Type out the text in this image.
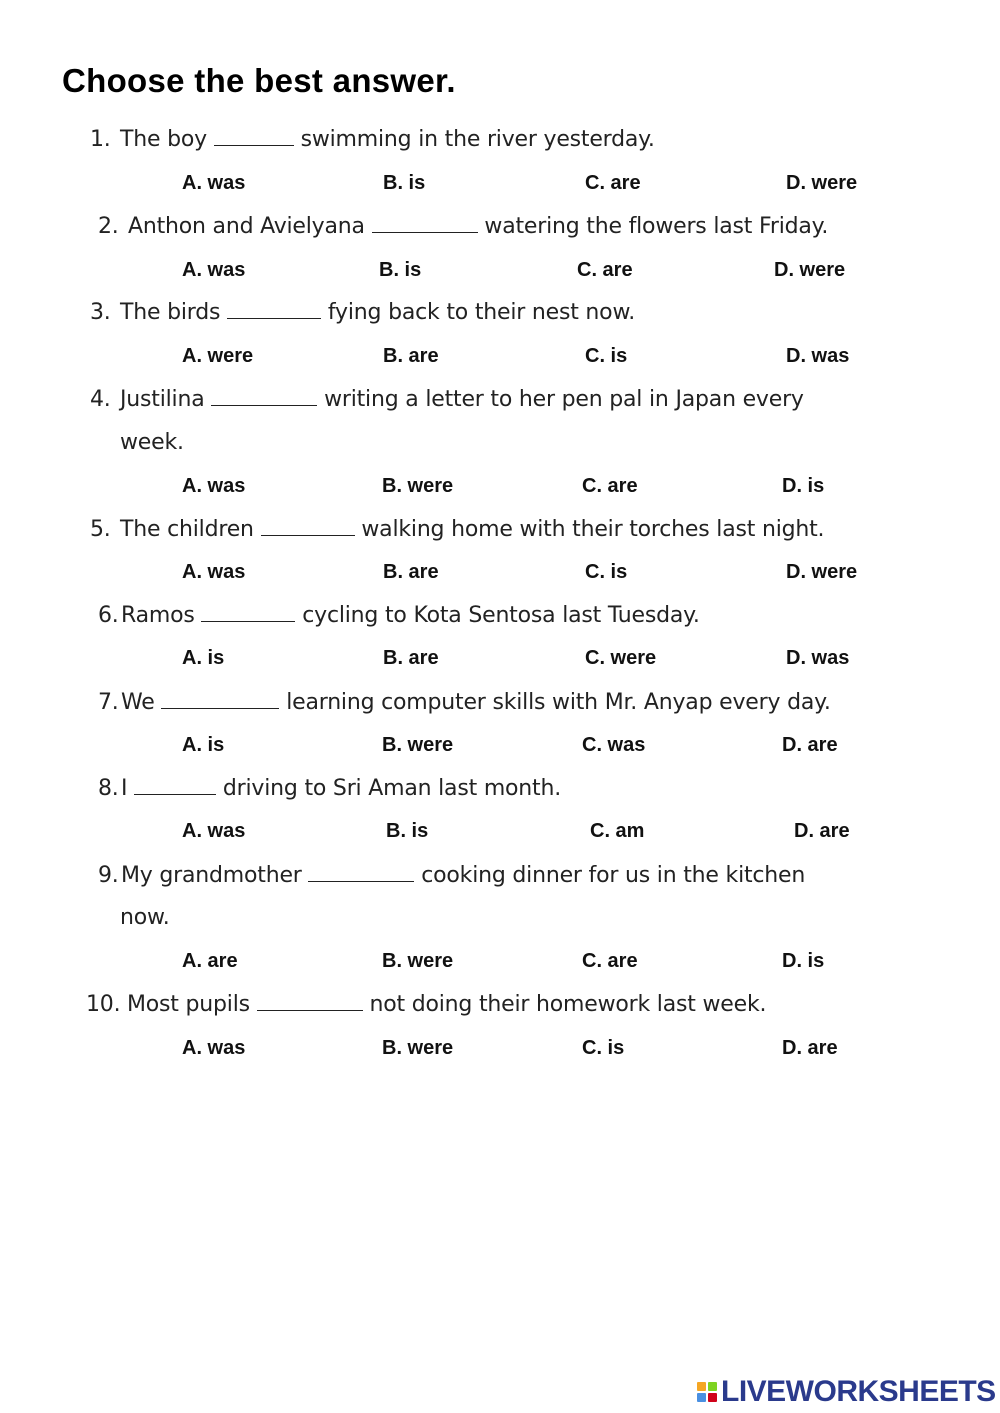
Choose the best answer.
1. The boy	swimming in the river yesterday.
A. was	B. is	C. are	D. were
2. Anthon and Avielyana	watering the flowers last Friday.
A. was	B. is	C. are	D. were
3. The birds	fying back to their nest now.
A. were	B. are	C. is	D. was
4. Justilina	writing a letter to her pen pal in Japan every
week.
A. was	B. were	C. are	D. is
5. The children	walking home with their torches last night.
A. was	B. are	C. is	D. were
6. Ramos	cycling to Kota Sentosa last Tuesday.
A. is	B. are	C. were	D. was
7. We	learning computer skills with Mr. Anyap every day.
A. is	B. were	C. was	D. are
8. I	driving to Sri Aman last month.
A. was	B. is	C. am	D. are
9. My grandmother	cooking dinner for us in the kitchen
now.
A. are	B. were	C. are	D. is
10. Most pupils	not doing their homework last week.
A. was	B. were	C. is	D. are
LIVEWORKSHEETS
